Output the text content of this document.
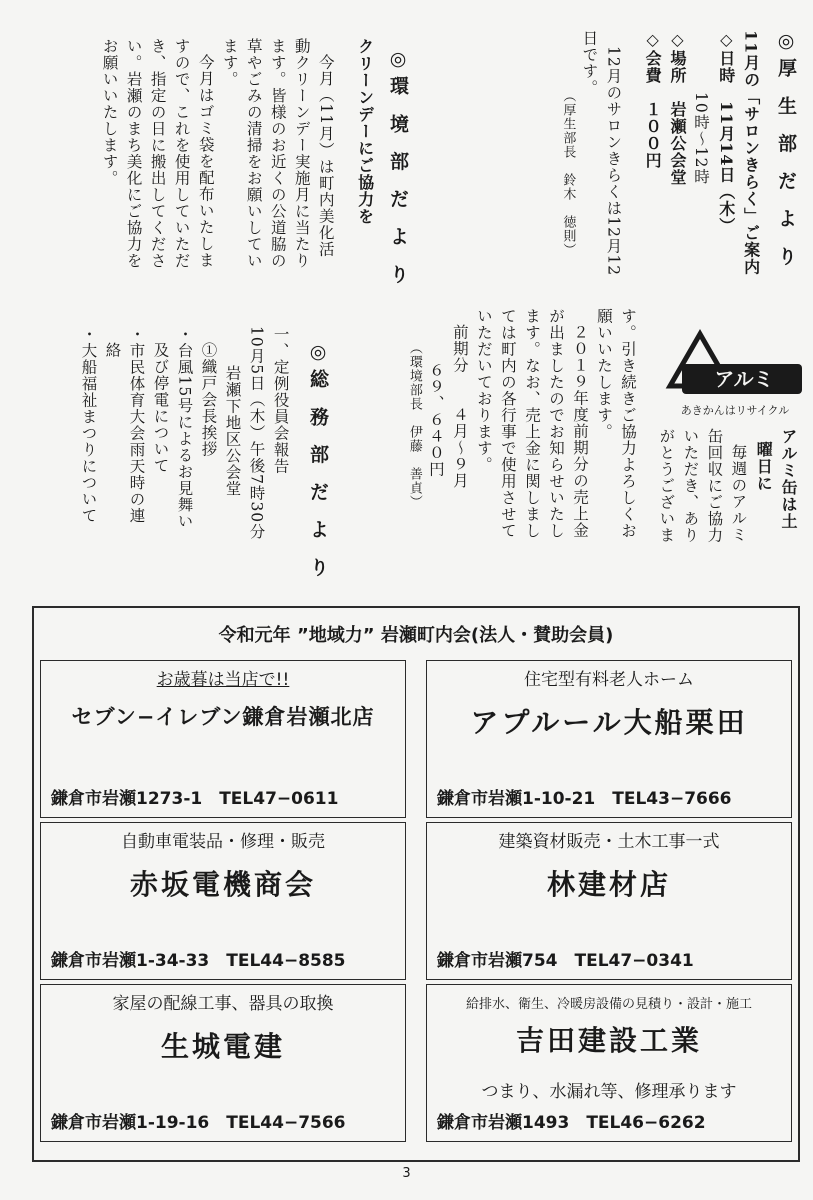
◎厚 生 部 だ よ り

11月の「サロンきらく」ご案内

◇日時　11月14日（木）

10時～12時

◇場所　岩瀬公会堂

◇会費　１００円

12月のサロンきらくは12月12

日です。

（厚生部長　鈴木　徳則）

アルミ
あきかんはリサイクル

アルミ缶は土

曜日に

毎週のアルミ

缶回収にご協力

いただき、あり

がとうございま

す。引き続きご協力よろしくお

願いいたします。

２０１９年度前期分の売上金

が出ましたのでお知らせいたし

ます。なお、売上金に関しまし

ては町内の各行事で使用させて

いただいております。

前期分　　４月～９月

６９、６４０円

（環境部長　伊藤　善貞）

◎環 境 部 だ よ り

クリーンデーにご協力を

今月（11月）は町内美化活

動クリーンデー実施月に当たり

ます。皆様のお近くの公道脇の

草やごみの清掃をお願いしてい

ます。

今月はゴミ袋を配布いたしま

すので、これを使用していただ

き、指定の日に搬出してくださ

い。岩瀬のまち美化にご協力を

お願いいたします。

◎総 務 部 だ よ り

一、定例役員会報告

10月5日（木）午後7時30分

岩瀬下地区公会堂

①織戸会長挨拶

・台風15号によるお見舞い

及び停電について

・市民体育大会雨天時の連

絡

・大船福祉まつりについて

令和元年 ”地域力” 岩瀬町内会(法人・賛助会員)
お歳暮は当店で!!
セブン−イレブン鎌倉岩瀬北店
鎌倉市岩瀬1273-1　TEL47−0611
住宅型有料老人ホーム
アプルール大船栗田
鎌倉市岩瀬1-10-21　TEL43−7666
自動車電装品・修理・販売
赤坂電機商会
鎌倉市岩瀬1-34-33　TEL44−8585
建築資材販売・土木工事一式
林建材店
鎌倉市岩瀬754　TEL47−0341
家屋の配線工事、器具の取換
生城電建
鎌倉市岩瀬1-19-16　TEL44−7566
給排水、衛生、冷暖房設備の見積り・設計・施工
吉田建設工業
つまり、水漏れ等、修理承ります
鎌倉市岩瀬1493　TEL46−6262
3
